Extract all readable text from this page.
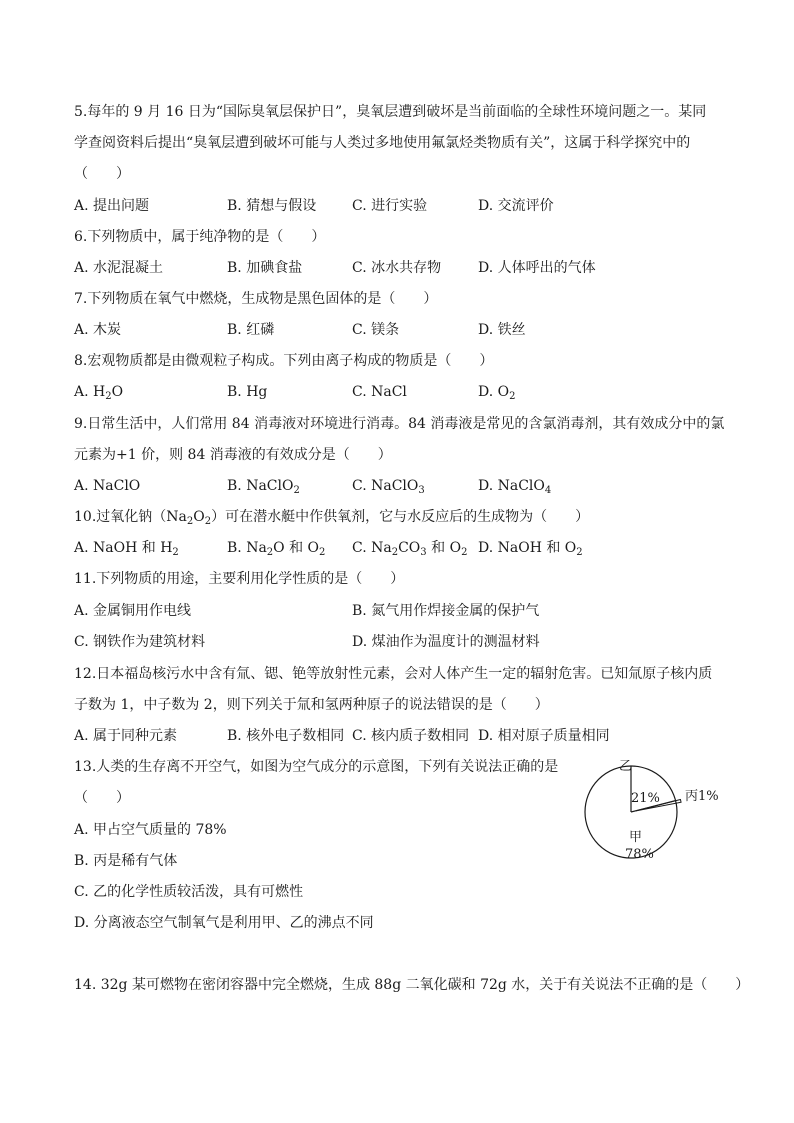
5.每年的 9 月 16 日为“国际臭氧层保护日”，臭氧层遭到破坏是当前面临的全球性环境问题之一。某同
学查阅资料后提出“臭氧层遭到破坏可能与人类过多地使用氟氯烃类物质有关”，这属于科学探究中的
（　　）
A. 提出问题	B. 猜想与假设	C. 进行实验	D. 交流评价
6.下列物质中，属于纯净物的是（　　）
A. 水泥混凝土	B. 加碘食盐	C. 冰水共存物	D. 人体呼出的气体
7.下列物质在氧气中燃烧，生成物是黑色固体的是（　　）
A. 木炭	B. 红磷	C. 镁条	D. 铁丝
8.宏观物质都是由微观粒子构成。下列由离子构成的物质是（　　）
A. $H_2O$	B. Hg	C. NaCl	D. $O_2$
9.日常生活中，人们常用 84 消毒液对环境进行消毒。84 消毒液是常见的含氯消毒剂，其有效成分中的氯
元素为+1 价，则 84 消毒液的有效成分是（　　）
A. NaClO	B. NaClO$_2$	C. NaClO$_3$	D. NaClO$_4$
10.过氧化钠$(Na_2O_2)$可在潜水艇中作供氧剂，它与水反应后的生成物为（　　）
A. NaOH 和 $H_2$	B. $Na_2O$ 和 $O_2$ C. $Na_2CO_3$ 和 $O_2$ D. NaOH 和 $O_2$
11.下列物质的用途，主要利用化学性质的是（　　）
A. 金属铜用作电线	B. 氮气用作焊接金属的保护气
C. 钢铁作为建筑材料	D. 煤油作为温度计的测温材料
12.日本福岛核污水中含有氚、锶、铯等放射性元素，会对人体产生一定的辐射危害。已知氚原子核内质
子数为 1，中子数为 2，则下列关于氚和氢两种原子的说法错误的是（　　）
A. 属于同种元素	B. 核外电子数相同 C. 核内质子数相同 D. 相对原子质量相同
13.人类的生存离不开空气，如图为空气成分的示意图，下列有关说法正确的是
（　　）
A. 甲占空气质量的 78%
B. 丙是稀有气体
C. 乙的化学性质较活泼，具有可燃性
D. 分离液态空气制氧气是利用甲、乙的沸点不同
乙
21% 丙1%
甲
78%
14. 32g 某可燃物在密闭容器中完全燃烧，生成 88g 二氧化碳和 72g 水，关于有关说法不正确的是（　　）
